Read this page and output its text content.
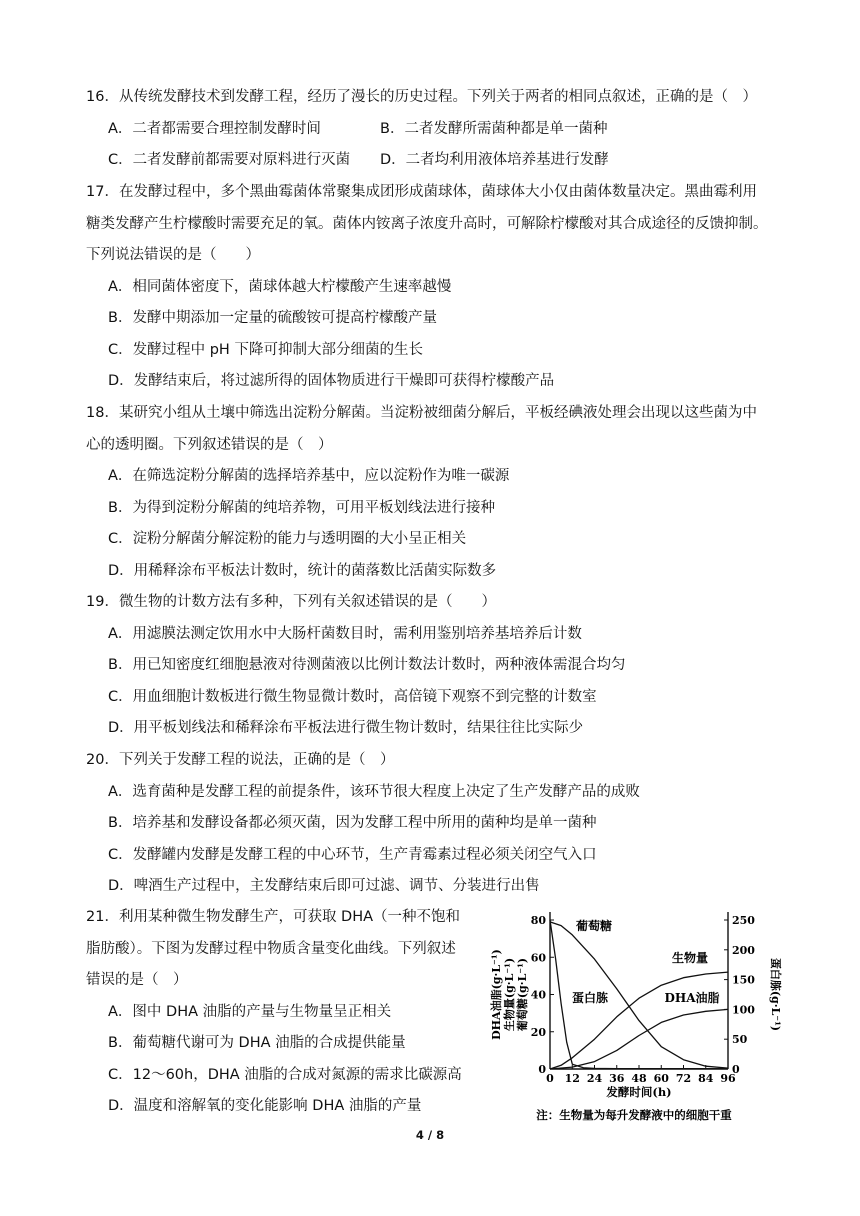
16．从传统发酵技术到发酵工程，经历了漫长的历史过程。下列关于两者的相同点叙述，正确的是（　）
A．二者都需要合理控制发酵时间	B．二者发酵所需菌种都是单一菌种
C．二者发酵前都需要对原料进行灭菌	D．二者均利用液体培养基进行发酵
17．在发酵过程中，多个黑曲霉菌体常聚集成团形成菌球体，菌球体大小仅由菌体数量决定。黑曲霉利用
糖类发酵产生柠檬酸时需要充足的氧。菌体内铵离子浓度升高时，可解除柠檬酸对其合成途径的反馈抑制。
下列说法错误的是（　　）
A．相同菌体密度下，菌球体越大柠檬酸产生速率越慢
B．发酵中期添加一定量的硫酸铵可提高柠檬酸产量
C．发酵过程中 pH 下降可抑制大部分细菌的生长
D．发酵结束后，将过滤所得的固体物质进行干燥即可获得柠檬酸产品
18．某研究小组从土壤中筛选出淀粉分解菌。当淀粉被细菌分解后，平板经碘液处理会出现以这些菌为中
心的透明圈。下列叙述错误的是（　）
A．在筛选淀粉分解菌的选择培养基中，应以淀粉作为唯一碳源
B．为得到淀粉分解菌的纯培养物，可用平板划线法进行接种
C．淀粉分解菌分解淀粉的能力与透明圈的大小呈正相关
D．用稀释涂布平板法计数时，统计的菌落数比活菌实际数多
19．微生物的计数方法有多种，下列有关叙述错误的是（　　）
A．用滤膜法测定饮用水中大肠杆菌数目时，需利用鉴别培养基培养后计数
B．用已知密度红细胞悬液对待测菌液以比例计数法计数时，两种液体需混合均匀
C．用血细胞计数板进行微生物显微计数时，高倍镜下观察不到完整的计数室
D．用平板划线法和稀释涂布平板法进行微生物计数时，结果往往比实际少
20．下列关于发酵工程的说法，正确的是（　）
A．选育菌种是发酵工程的前提条件，该环节很大程度上决定了生产发酵产品的成败
B．培养基和发酵设备都必须灭菌，因为发酵工程中所用的菌种均是单一菌种
C．发酵罐内发酵是发酵工程的中心环节，生产青霉素过程必须关闭空气入口
D．啤酒生产过程中，主发酵结束后即可过滤、调节、分装进行出售
21．利用某种微生物发酵生产，可获取 DHA（一种不饱和
脂肪酸）。下图为发酵过程中物质含量变化曲线。下列叙述
错误的是（　）
A．图中 DHA 油脂的产量与生物量呈正相关
B．葡萄糖代谢可为 DHA 油脂的合成提供能量
C．12～60h，DHA 油脂的合成对氮源的需求比碳源高
D．温度和溶解氧的变化能影响 DHA 油脂的产量
0 12 24 36 48 60 72 84 96
0
20
40
60
80
0
50
100
150
200
250
发酵时间(h)
DHA油脂(g·L⁻¹) 生物量(g·L⁻¹) 葡萄糖(g·L⁻¹)	蛋白胨(g·L⁻¹)
葡萄糖
蛋白胨
生物量
DHA油脂
注：生物量为每升发酵液中的细胞干重
4 / 8
